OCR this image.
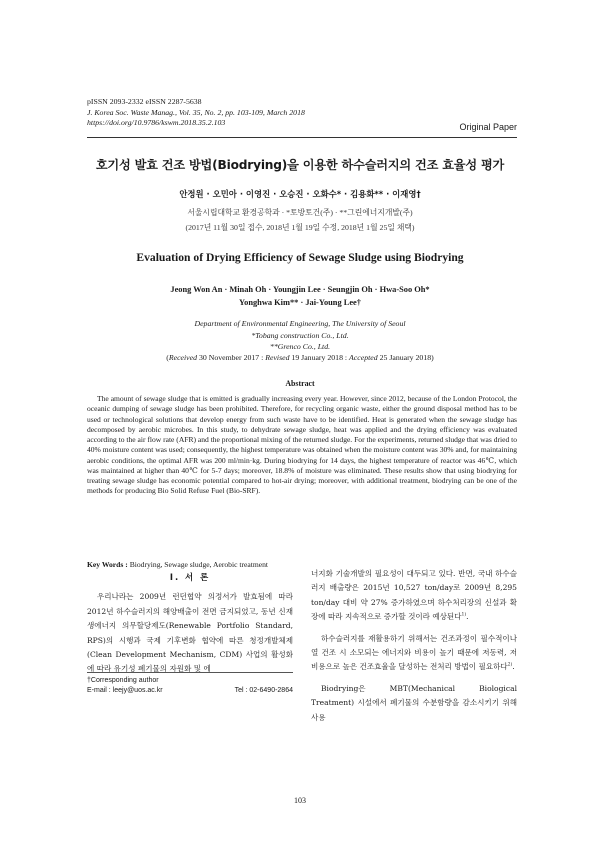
pISSN 2093-2332 eISSN 2287-5638
J. Korea Soc. Waste Manag., Vol. 35, No. 2, pp. 103-109, March 2018
https://doi.org/10.9786/kswm.2018.35.2.103	Original Paper
호기성 발효 건조 방법(Biodrying)을 이용한 하수슬러지의 건조 효율성 평가
안정원 · 오민아 · 이영진 · 오승진 · 오화수* · 김용화** · 이재영†
서울시립대학교 환경공학과 · *토방토건(주) · **그린에너지개발(주)
(2017년 11월 30일 접수, 2018년 1월 19일 수정, 2018년 1월 25일 채택)
Evaluation of Drying Efficiency of Sewage Sludge using Biodrying
Jeong Won An · Minah Oh · Youngjin Lee · Seungjin Oh · Hwa-Soo Oh*
Yonghwa Kim** · Jai-Young Lee†
Department of Environmental Engineering, The University of Seoul
*Tobang construction Co., Ltd.
**Grenco Co., Ltd.
(Received 30 November 2017 : Revised 19 January 2018 : Accepted 25 January 2018)
Abstract
The amount of sewage sludge that is emitted is gradually increasing every year. However, since 2012, because of the London Protocol, the oceanic dumping of sewage sludge has been prohibited. Therefore, for recycling organic waste, either the ground disposal method has to be used or technological solutions that develop energy from such waste have to be identified. Heat is generated when the sewage sludge has decomposed by aerobic microbes. In this study, to dehydrate sewage sludge, heat was applied and the drying efficiency was evaluated according to the air flow rate (AFR) and the proportional mixing of the returned sludge. For the experiments, returned sludge that was dried to 40% moisture content was used; consequently, the highest temperature was obtained when the moisture content was 30% and, for maintaining aerobic conditions, the optimal AFR was 200 ml/min·kg. During biodrying for 14 days, the highest temperature of reactor was 46℃, which was maintained at higher than 40℃ for 5-7 days; moreover, 18.8% of moisture was eliminated. These results show that using biodrying for treating sewage sludge has economic potential compared to hot-air drying; moreover, with additional treatment, biodrying can be one of the methods for producing Bio Solid Refuse Fuel (Bio-SRF).
Key Words : Biodrying, Sewage sludge, Aerobic treatment
I. 서 론

우리나라는 2009년 런던협약 의정서가 발효됨에 따라 2012년 하수슬러지의 해양배출이 전면 금지되었고, 동년 신재생에너지 의무할당제도(Renewable Portfolio Standard, RPS)의 시행과 국제 기후변화 협약에 따른 청정개발체제(Clean Development Mechanism, CDM) 사업의 활성화에 따라 유기성 폐기물의 자원화 및 에

너지화 기술개발의 필요성이 대두되고 있다. 반면, 국내 하수슬러지 배출량은 2015년 10,527 ton/day로 2009년 8,295 ton/day 대비 약 27% 증가하였으며 하수처리장의 신설과 확장에 따라 지속적으로 증가할 것이라 예상된다$^{1)}$.

하수슬러지를 재활용하기 위해서는 건조과정이 필수적이나 열 건조 시 소모되는 에너지와 비용이 높기 때문에 저동력, 저비용으로 높은 건조효율을 달성하는 전처리 방법이 필요하다$^{2)}$.

Biodrying은 MBT(Mechanical Biological Treatment) 시설에서 폐기물의 수분함량을 감소시키기 위해 사용

†Corresponding author
E-mail : leejy@uos.ac.kr	Tel : 02-6490-2864
103
